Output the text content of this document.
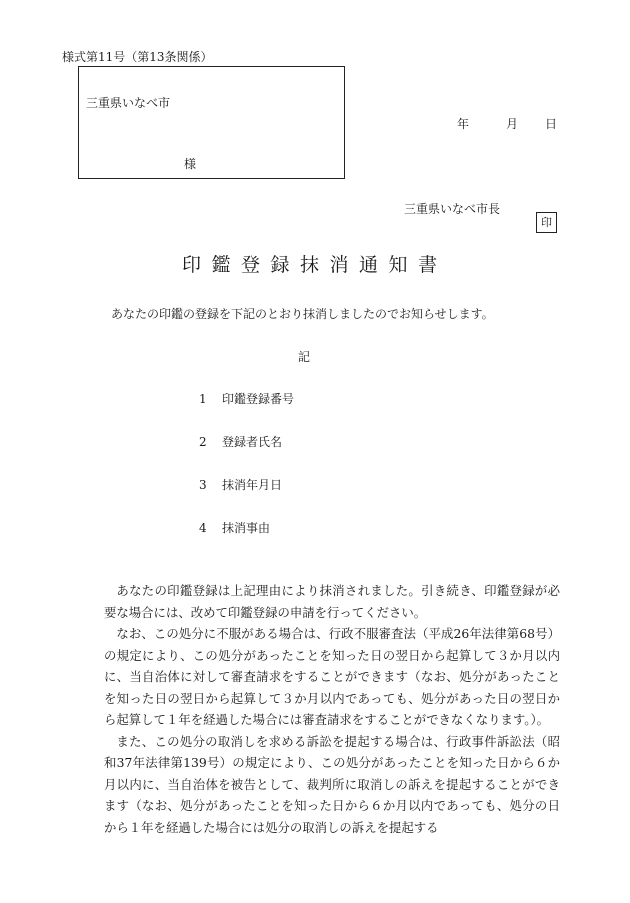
様式第11号（第13条関係）
三重県いなべ市
様
年	月 日
三重県いなべ市長
印
印鑑登録抹消通知書
あなたの印鑑の登録を下記のとおり抹消しましたのでお知らせします。
記
1 印鑑登録番号
2 登録者氏名
3 抹消年月日
4 抹消事由

あなたの印鑑登録は上記理由により抹消されました。引き続き、印鑑登録が必要な場合には、改めて印鑑登録の申請を行ってください。

なお、この処分に不服がある場合は、行政不服審査法（平成26年法律第68号）の規定により、この処分があったことを知った日の翌日から起算して３か月以内に、当自治体に対して審査請求をすることができます（なお、処分があったことを知った日の翌日から起算して３か月以内であっても、処分があった日の翌日から起算して１年を経過した場合には審査請求をすることができなくなります。）。

また、この処分の取消しを求める訴訟を提起する場合は、行政事件訴訟法（昭和37年法律第139号）の規定により、この処分があったことを知った日から６か月以内に、当自治体を被告として、裁判所に取消しの訴えを提起することができます（なお、処分があったことを知った日から６か月以内であっても、処分の日から１年を経過した場合には処分の取消しの訴えを提起する
